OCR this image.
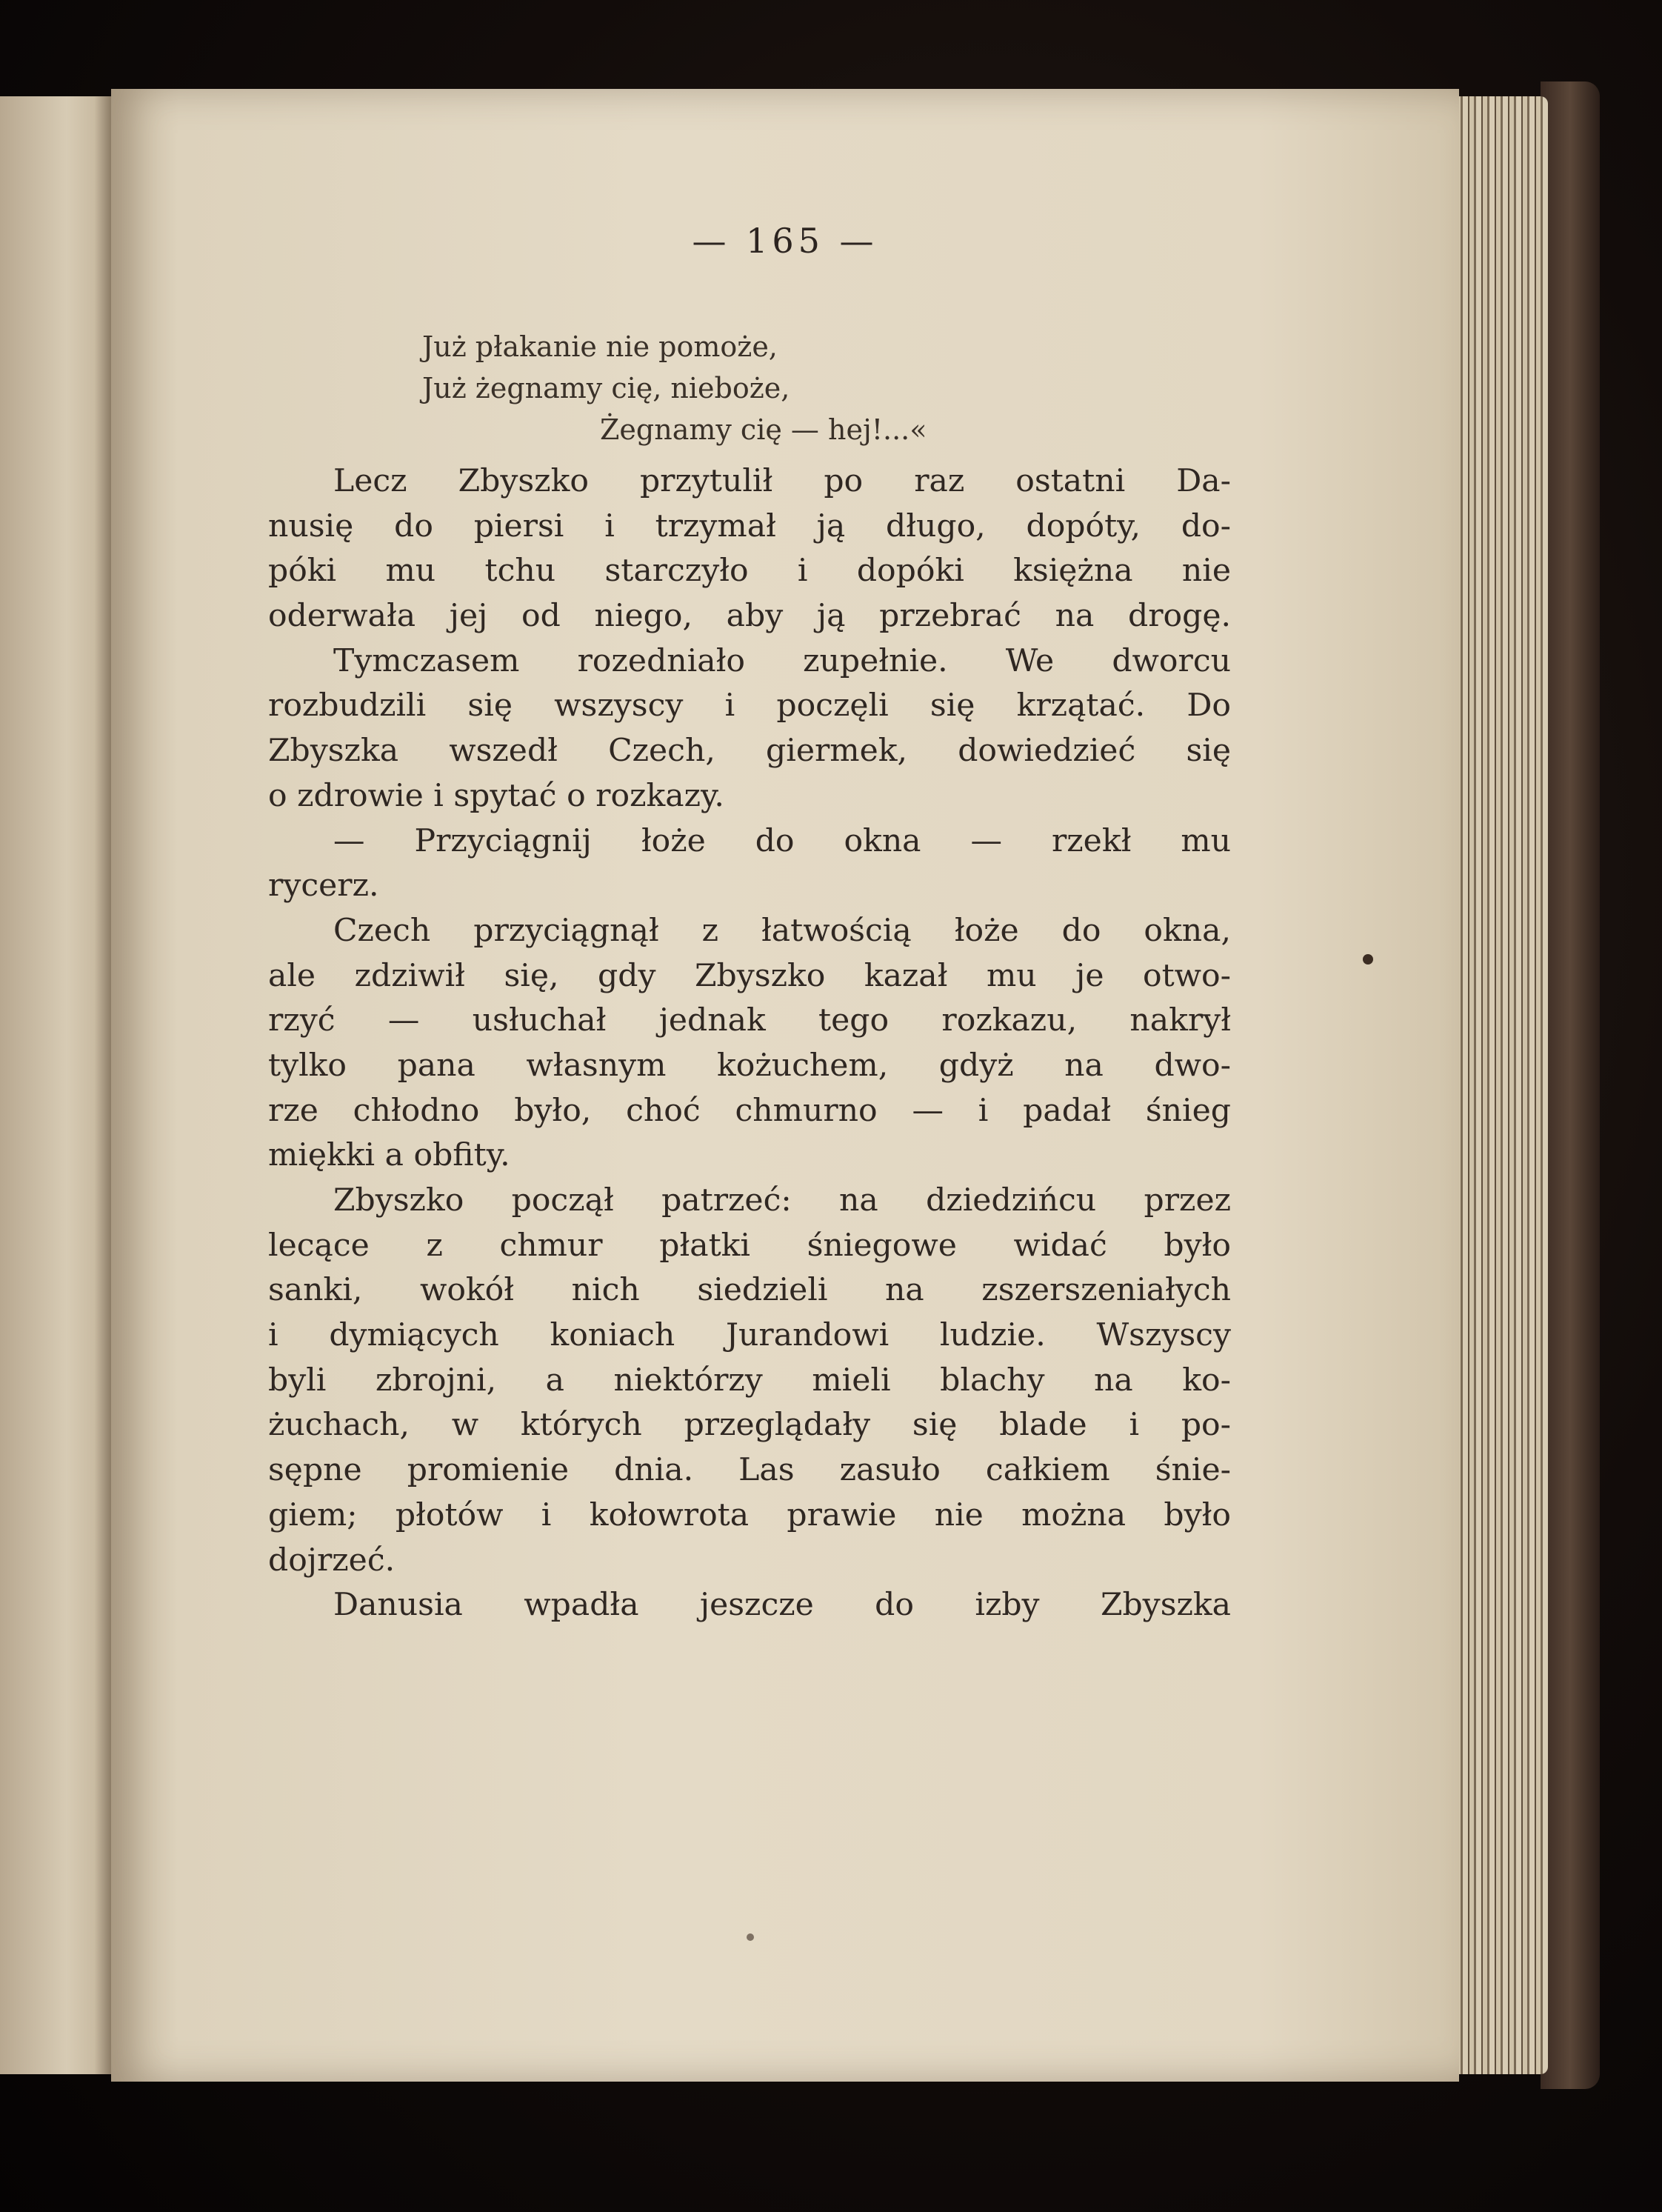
— 165 —
Już płakanie nie pomoże,
Już żegnamy cię, nieboże,
Żegnamy cię — hej!...«
Lecz Zbyszko przytulił po raz ostatni Da-
nusię do piersi i trzymał ją długo, dopóty, do-
póki mu tchu starczyło i dopóki księżna nie
oderwała jej od niego, aby ją przebrać na drogę.
Tymczasem rozedniało zupełnie. We dworcu
rozbudzili się wszyscy i poczęli się krzątać. Do
Zbyszka wszedł Czech, giermek, dowiedzieć się
o zdrowie i spytać o rozkazy.
— Przyciągnij łoże do okna — rzekł mu
rycerz.
Czech przyciągnął z łatwością łoże do okna,
ale zdziwił się, gdy Zbyszko kazał mu je otwo-
rzyć — usłuchał jednak tego rozkazu, nakrył
tylko pana własnym kożuchem, gdyż na dwo-
rze chłodno było, choć chmurno — i padał śnieg
miękki a obfity.
Zbyszko począł patrzeć: na dziedzińcu przez
lecące z chmur płatki śniegowe widać było
sanki, wokół nich siedzieli na zszerszeniałych
i dymiących koniach Jurandowi ludzie. Wszyscy
byli zbrojni, a niektórzy mieli blachy na ko-
żuchach, w których przeglądały się blade i po-
sępne promienie dnia. Las zasuło całkiem śnie-
giem; płotów i kołowrota prawie nie można było
dojrzeć.
Danusia wpadła jeszcze do izby Zbyszka
